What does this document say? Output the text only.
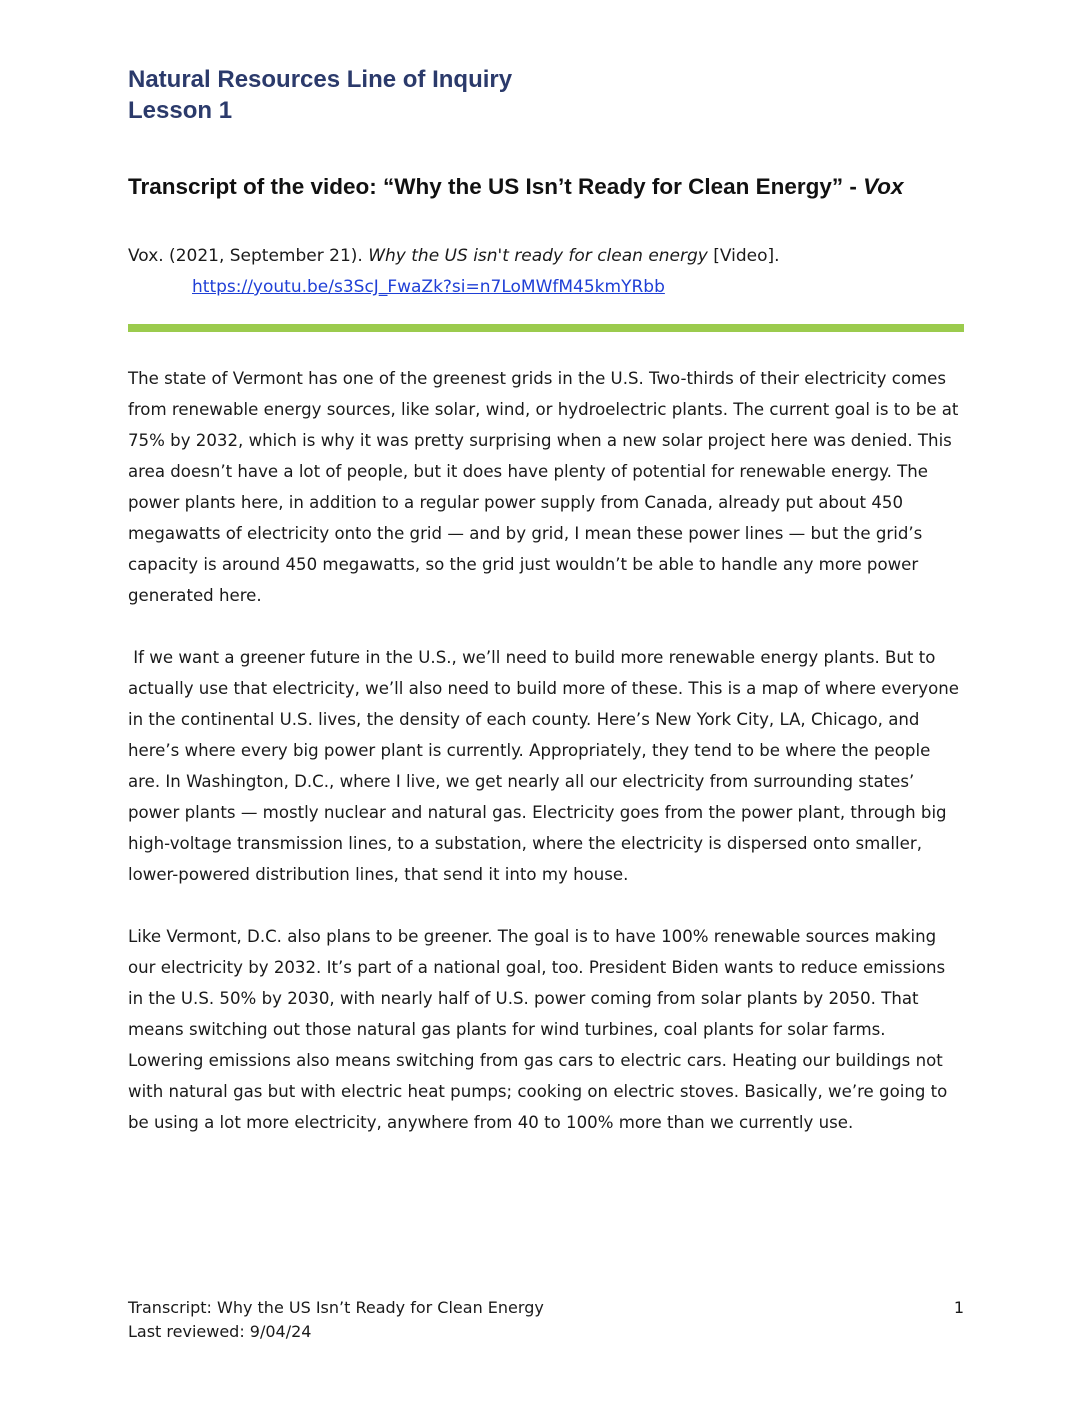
Natural Resources Line of Inquiry
Lesson 1
Transcript of the video: “Why the US Isn’t Ready for Clean Energy” - Vox
Vox. (2021, September 21). Why the US isn't ready for clean energy [Video].
https://youtu.be/s3ScJ_FwaZk?si=n7LoMWfM45kmYRbb

The state of Vermont has one of the greenest grids in the U.S. Two-thirds of their electricity comes from renewable energy sources, like solar, wind, or hydroelectric plants. The current goal is to be at 75% by 2032, which is why it was pretty surprising when a new solar project here was denied. This area doesn’t have a lot of people, but it does have plenty of potential for renewable energy. The power plants here, in addition to a regular power supply from Canada, already put about 450 megawatts of electricity onto the grid — and by grid, I mean these power lines — but the grid’s capacity is around 450 megawatts, so the grid just wouldn’t be able to handle any more power generated here.

If we want a greener future in the U.S., we’ll need to build more renewable energy plants. But to actually use that electricity, we’ll also need to build more of these. This is a map of where everyone in the continental U.S. lives, the density of each county. Here’s New York City, LA, Chicago, and here’s where every big power plant is currently. Appropriately, they tend to be where the people are. In Washington, D.C., where I live, we get nearly all our electricity from surrounding states’ power plants — mostly nuclear and natural gas. Electricity goes from the power plant, through big high-voltage transmission lines, to a substation, where the electricity is dispersed onto smaller, lower-powered distribution lines, that send it into my house.

Like Vermont, D.C. also plans to be greener. The goal is to have 100% renewable sources making our electricity by 2032. It’s part of a national goal, too. President Biden wants to reduce emissions in the U.S. 50% by 2030, with nearly half of U.S. power coming from solar plants by 2050. That means switching out those natural gas plants for wind turbines, coal plants for solar farms. Lowering emissions also means switching from gas cars to electric cars. Heating our buildings not with natural gas but with electric heat pumps; cooking on electric stoves. Basically, we’re going to be using a lot more electricity, anywhere from 40 to 100% more than we currently use.

Transcript: Why the US Isn’t Ready for Clean Energy
Last reviewed: 9/04/24
1
